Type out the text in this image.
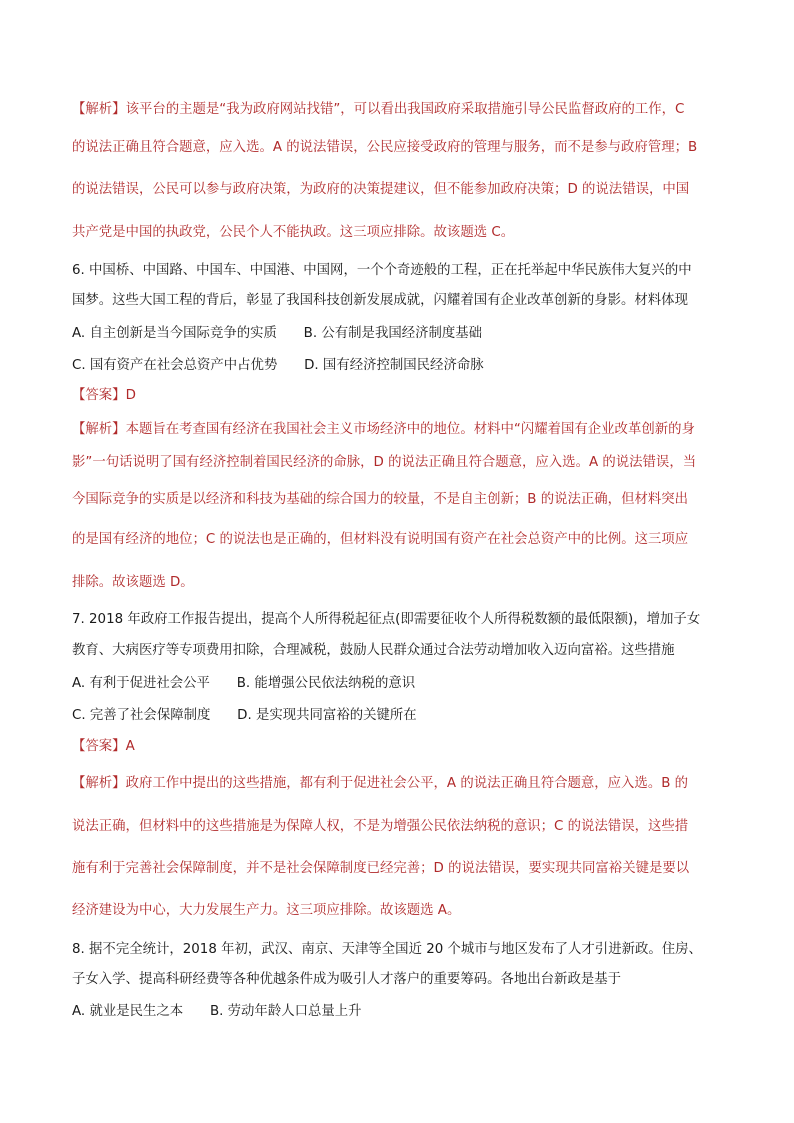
【解析】该平台的主题是“我为政府网站找错”，可以看出我国政府采取措施引导公民监督政府的工作，C
的说法正确且符合题意，应入选。A 的说法错误，公民应接受政府的管理与服务，而不是参与政府管理；B
的说法错误，公民可以参与政府决策，为政府的决策提建议，但不能参加政府决策；D 的说法错误，中国
共产党是中国的执政党，公民个人不能执政。这三项应排除。故该题选 C。
6. 中国桥、中国路、中国车、中国港、中国网，一个个奇迹般的工程，正在托举起中华民族伟大复兴的中
国梦。这些大国工程的背后，彰显了我国科技创新发展成就，闪耀着国有企业改革创新的身影。材料体现
A. 自主创新是当今国际竞争的实质　　B. 公有制是我国经济制度基础
C. 国有资产在社会总资产中占优势　　D. 国有经济控制国民经济命脉
【答案】D
【解析】本题旨在考查国有经济在我国社会主义市场经济中的地位。材料中“闪耀着国有企业改革创新的身
影”一句话说明了国有经济控制着国民经济的命脉，D 的说法正确且符合题意，应入选。A 的说法错误，当
今国际竞争的实质是以经济和科技为基础的综合国力的较量，不是自主创新；B 的说法正确，但材料突出
的是国有经济的地位；C 的说法也是正确的，但材料没有说明国有资产在社会总资产中的比例。这三项应
排除。故该题选 D。
7. 2018 年政府工作报告提出，提高个人所得税起征点(即需要征收个人所得税数额的最低限额)，增加子女
教育、大病医疗等专项费用扣除，合理减税，鼓励人民群众通过合法劳动增加收入迈向富裕。这些措施
A. 有利于促进社会公平　　B. 能增强公民依法纳税的意识
C. 完善了社会保障制度　　D. 是实现共同富裕的关键所在
【答案】A
【解析】政府工作中提出的这些措施，都有利于促进社会公平，A 的说法正确且符合题意，应入选。B 的
说法正确，但材料中的这些措施是为保障人权，不是为增强公民依法纳税的意识；C 的说法错误，这些措
施有利于完善社会保障制度，并不是社会保障制度已经完善；D 的说法错误，要实现共同富裕关键是要以
经济建设为中心，大力发展生产力。这三项应排除。故该题选 A。
8. 据不完全统计，2018 年初，武汉、南京、天津等全国近 20 个城市与地区发布了人才引进新政。住房、
子女入学、提高科研经费等各种优越条件成为吸引人才落户的重要筹码。各地出台新政是基于
A. 就业是民生之本　　B. 劳动年龄人口总量上升
